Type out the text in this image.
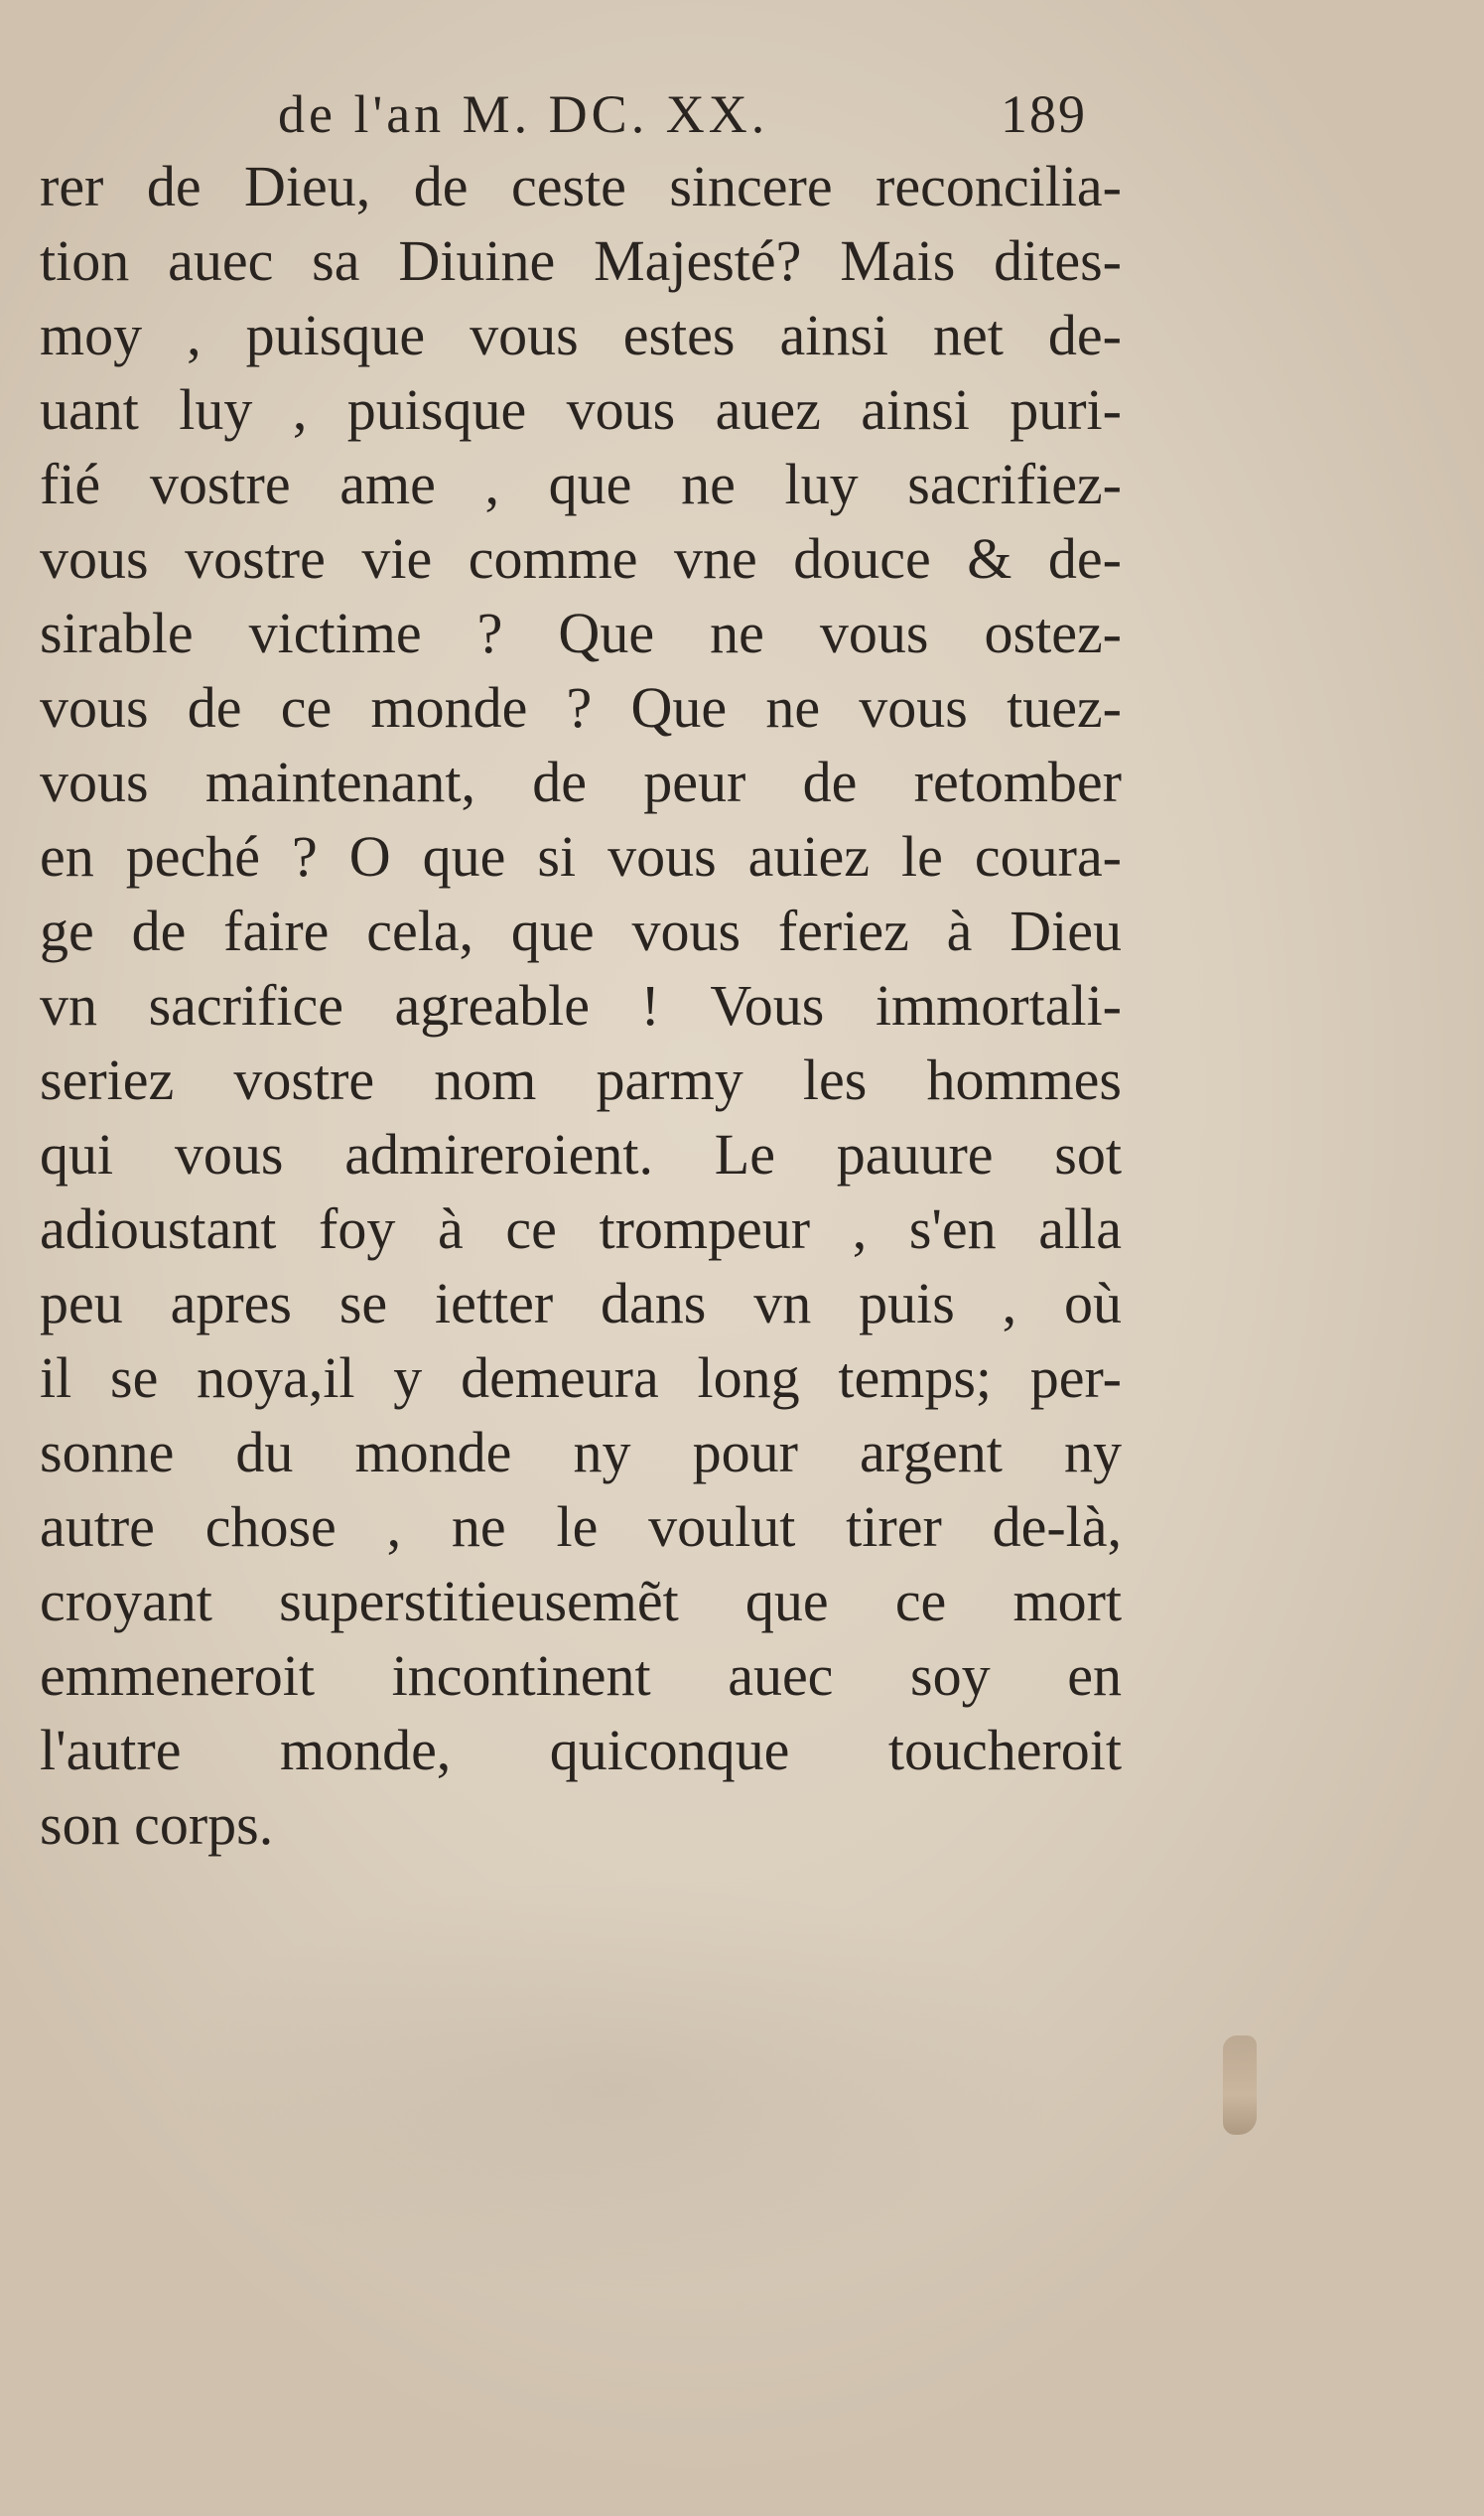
de l'an M. DC. XX.	189
rer de Dieu, de ceste sincere reconcilia-
tion auec sa Diuine Majesté? Mais dites-
moy , puisque vous estes ainsi net de-
uant luy , puisque vous auez ainsi puri-
fié vostre ame , que ne luy sacrifiez-
vous vostre vie comme vne douce & de-
sirable victime ? Que ne vous ostez-
vous de ce monde ? Que ne vous tuez-
vous maintenant, de peur de retomber
en peché ? O que si vous auiez le coura-
ge de faire cela, que vous feriez à Dieu
vn sacrifice agreable ! Vous immortali-
seriez vostre nom parmy les hommes
qui vous admireroient. Le pauure sot
adioustant foy à ce trompeur , s'en alla
peu apres se ietter dans vn puis , où
il se noya,il y demeura long temps; per-
sonne du monde ny pour argent ny
autre chose , ne le voulut tirer de-là,
croyant superstitieusemẽt que ce mort
emmeneroit incontinent auec soy en
l'autre monde, quiconque toucheroit
son corps.
